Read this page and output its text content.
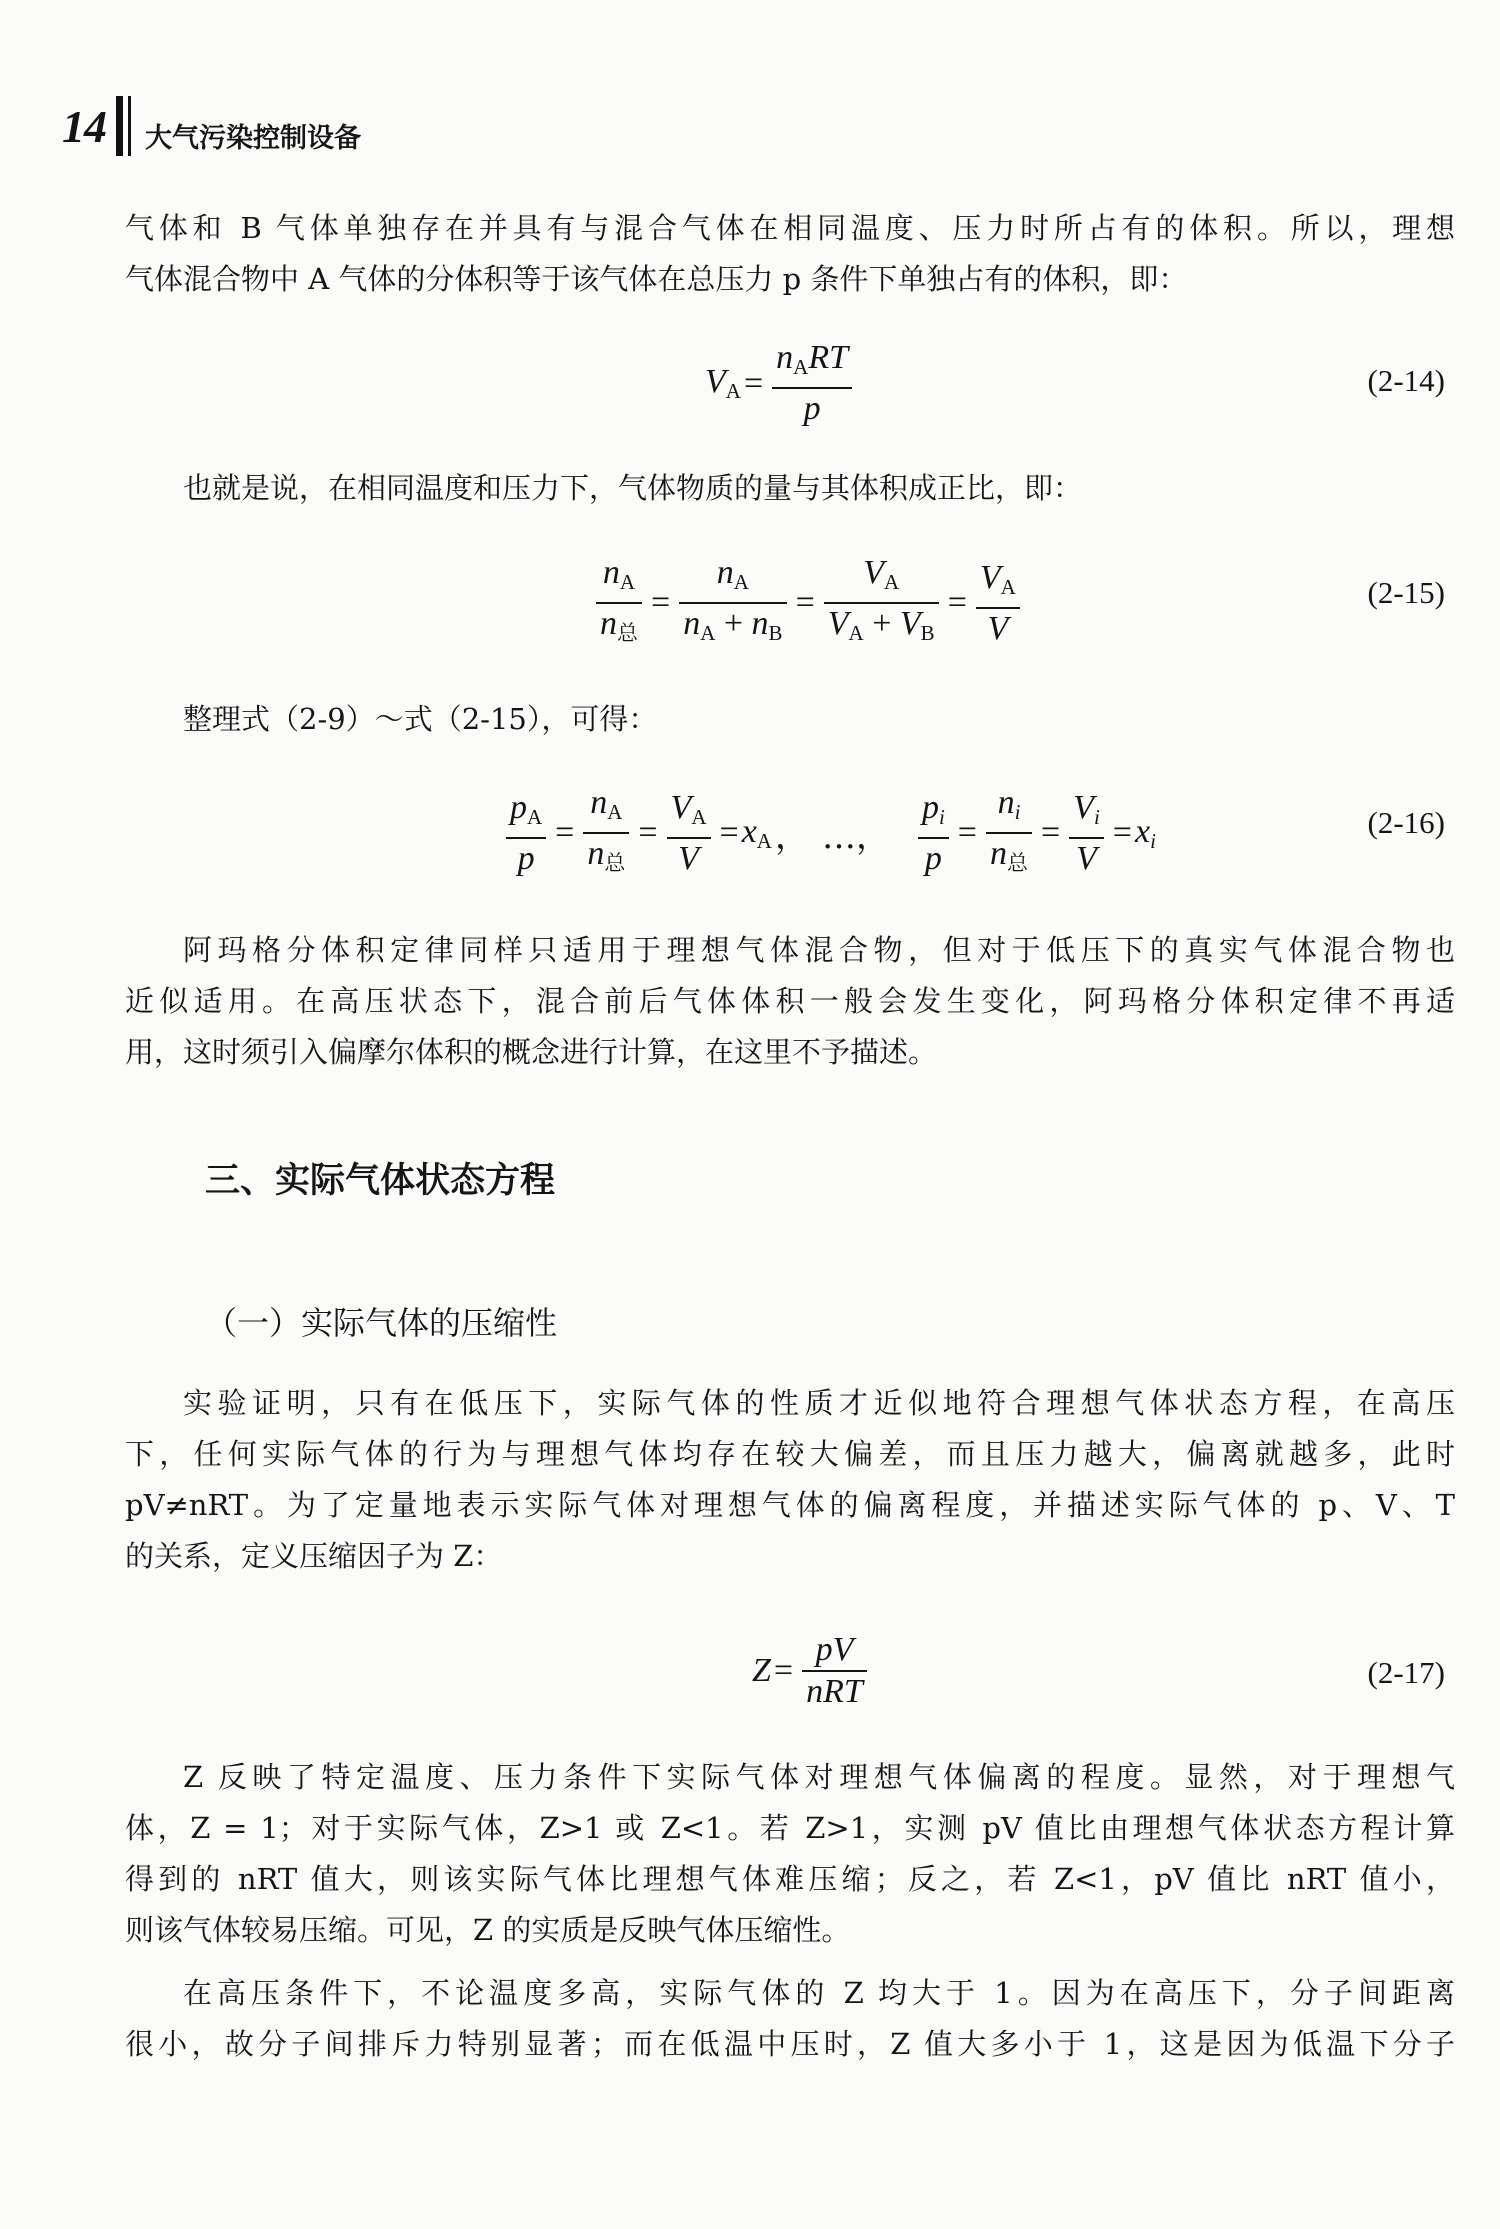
14 大气污染控制设备
气体和 B 气体单独存在并具有与混合气体在相同温度、压力时所占有的体积。所以，理想
气体混合物中 A 气体的分体积等于该气体在总压力 p 条件下单独占有的体积，即：
$V_A$ =
$n_ART$
p
(2-14)
也就是说，在相同温度和压力下，气体物质的量与其体积成正比，即：
$n_A$
$n_总$
=
$n_A$
$n_A + n_B$
=
$V_A$
$V_A + V_B$
=
$V_A$
V
(2-15)
整理式（2-9）～式（2-15），可得：
$p_A$
p
=
$n_A$
$n_总$
=
$V_A$
V
= $x_A$ ， …，
$p_i$
p
=
$n_i$
$n_总$
=
$V_i$
V
= $x_i$
(2-16)
阿玛格分体积定律同样只适用于理想气体混合物，但对于低压下的真实气体混合物也
近似适用。在高压状态下，混合前后气体体积一般会发生变化，阿玛格分体积定律不再适
用，这时须引入偏摩尔体积的概念进行计算，在这里不予描述。
三、实际气体状态方程
（一）实际气体的压缩性
实验证明，只有在低压下，实际气体的性质才近似地符合理想气体状态方程，在高压
下，任何实际气体的行为与理想气体均存在较大偏差，而且压力越大，偏离就越多，此时
pV≠nRT。为了定量地表示实际气体对理想气体的偏离程度，并描述实际气体的 p、V、T
的关系，定义压缩因子为 Z：
Z =
pV
nRT
(2-17)
Z 反映了特定温度、压力条件下实际气体对理想气体偏离的程度。显然，对于理想气
体，Z = 1；对于实际气体，Z>1 或 Z<1。若 Z>1，实测 pV 值比由理想气体状态方程计算
得到的 nRT 值大，则该实际气体比理想气体难压缩；反之，若 Z<1，pV 值比 nRT 值小，
则该气体较易压缩。可见，Z 的实质是反映气体压缩性。
在高压条件下，不论温度多高，实际气体的 Z 均大于 1。因为在高压下，分子间距离
很小，故分子间排斥力特别显著；而在低温中压时，Z 值大多小于 1，这是因为低温下分子
